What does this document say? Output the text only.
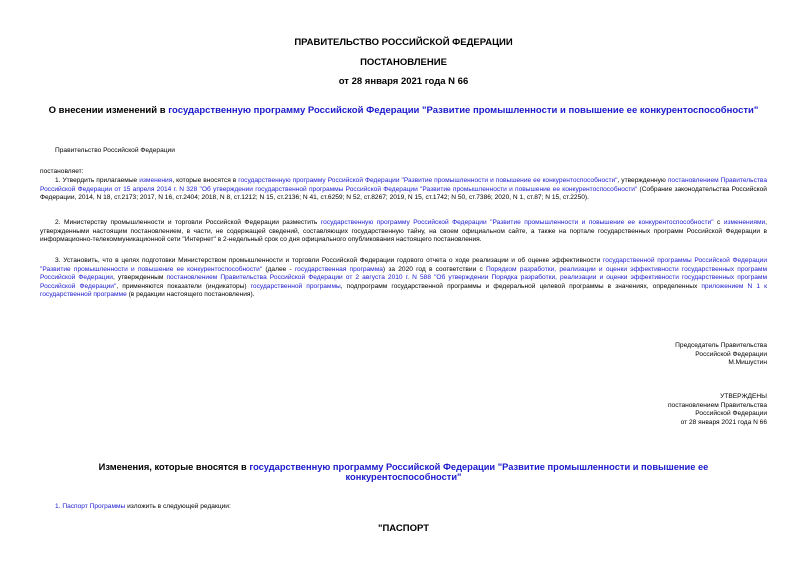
ПРАВИТЕЛЬСТВО РОССИЙСКОЙ ФЕДЕРАЦИИ
ПОСТАНОВЛЕНИЕ
от 28 января 2021 года N 66
О внесении изменений в государственную программу Российской Федерации "Развитие промышленности и повышение ее конкурентоспособности"
Правительство Российской Федерации
постановляет:
1. Утвердить прилагаемые изменения, которые вносятся в государственную программу Российской Федерации "Развитие промышленности и повышение ее конкурентоспособности", утвержденную постановлением Правительства Российской Федерации от 15 апреля 2014 г. N 328 "Об утверждении государственной программы Российской Федерации "Развитие промышленности и повышение ее конкурентоспособности" (Собрание законодательства Российской Федерации, 2014, N 18, ст.2173; 2017, N 16, ст.2404; 2018, N 8, ст.1212; N 15, ст.2136; N 41, ст.6259; N 52, ст.8267; 2019, N 15, ст.1742; N 50, ст.7386; 2020, N 1, ст.87; N 15, ст.2250).
2. Министерству промышленности и торговли Российской Федерации разместить государственную программу Российской Федерации "Развитие промышленности и повышение ее конкурентоспособности" с изменениями, утвержденными настоящим постановлением, в части, не содержащей сведений, составляющих государственную тайну, на своем официальном сайте, а также на портале государственных программ Российской Федерации в информационно-телекоммуникационной сети "Интернет" в 2-недельный срок со дня официального опубликования настоящего постановления.
3. Установить, что в целях подготовки Министерством промышленности и торговли Российской Федерации годового отчета о ходе реализации и об оценке эффективности государственной программы Российской Федерации "Развитие промышленности и повышение ее конкурентоспособности" (далее - государственная программа) за 2020 год в соответствии с Порядком разработки, реализации и оценки эффективности государственных программ Российской Федерации, утвержденным постановлением Правительства Российской Федерации от 2 августа 2010 г. N 588 "Об утверждении Порядка разработки, реализации и оценки эффективности государственных программ Российской Федерации", применяются показатели (индикаторы) государственной программы, подпрограмм государственной программы и федеральной целевой программы в значениях, определенных приложением N 1 к государственной программе (в редакции настоящего постановления).
Председатель Правительства
Российской Федерации
М.Мишустин
УТВЕРЖДЕНЫ
постановлением Правительства
Российской Федерации
от 28 января 2021 года N 66
Изменения, которые вносятся в государственную программу Российской Федерации "Развитие промышленности и повышение ее конкурентоспособности"
1. Паспорт Программы изложить в следующей редакции:
"ПАСПОРТ
